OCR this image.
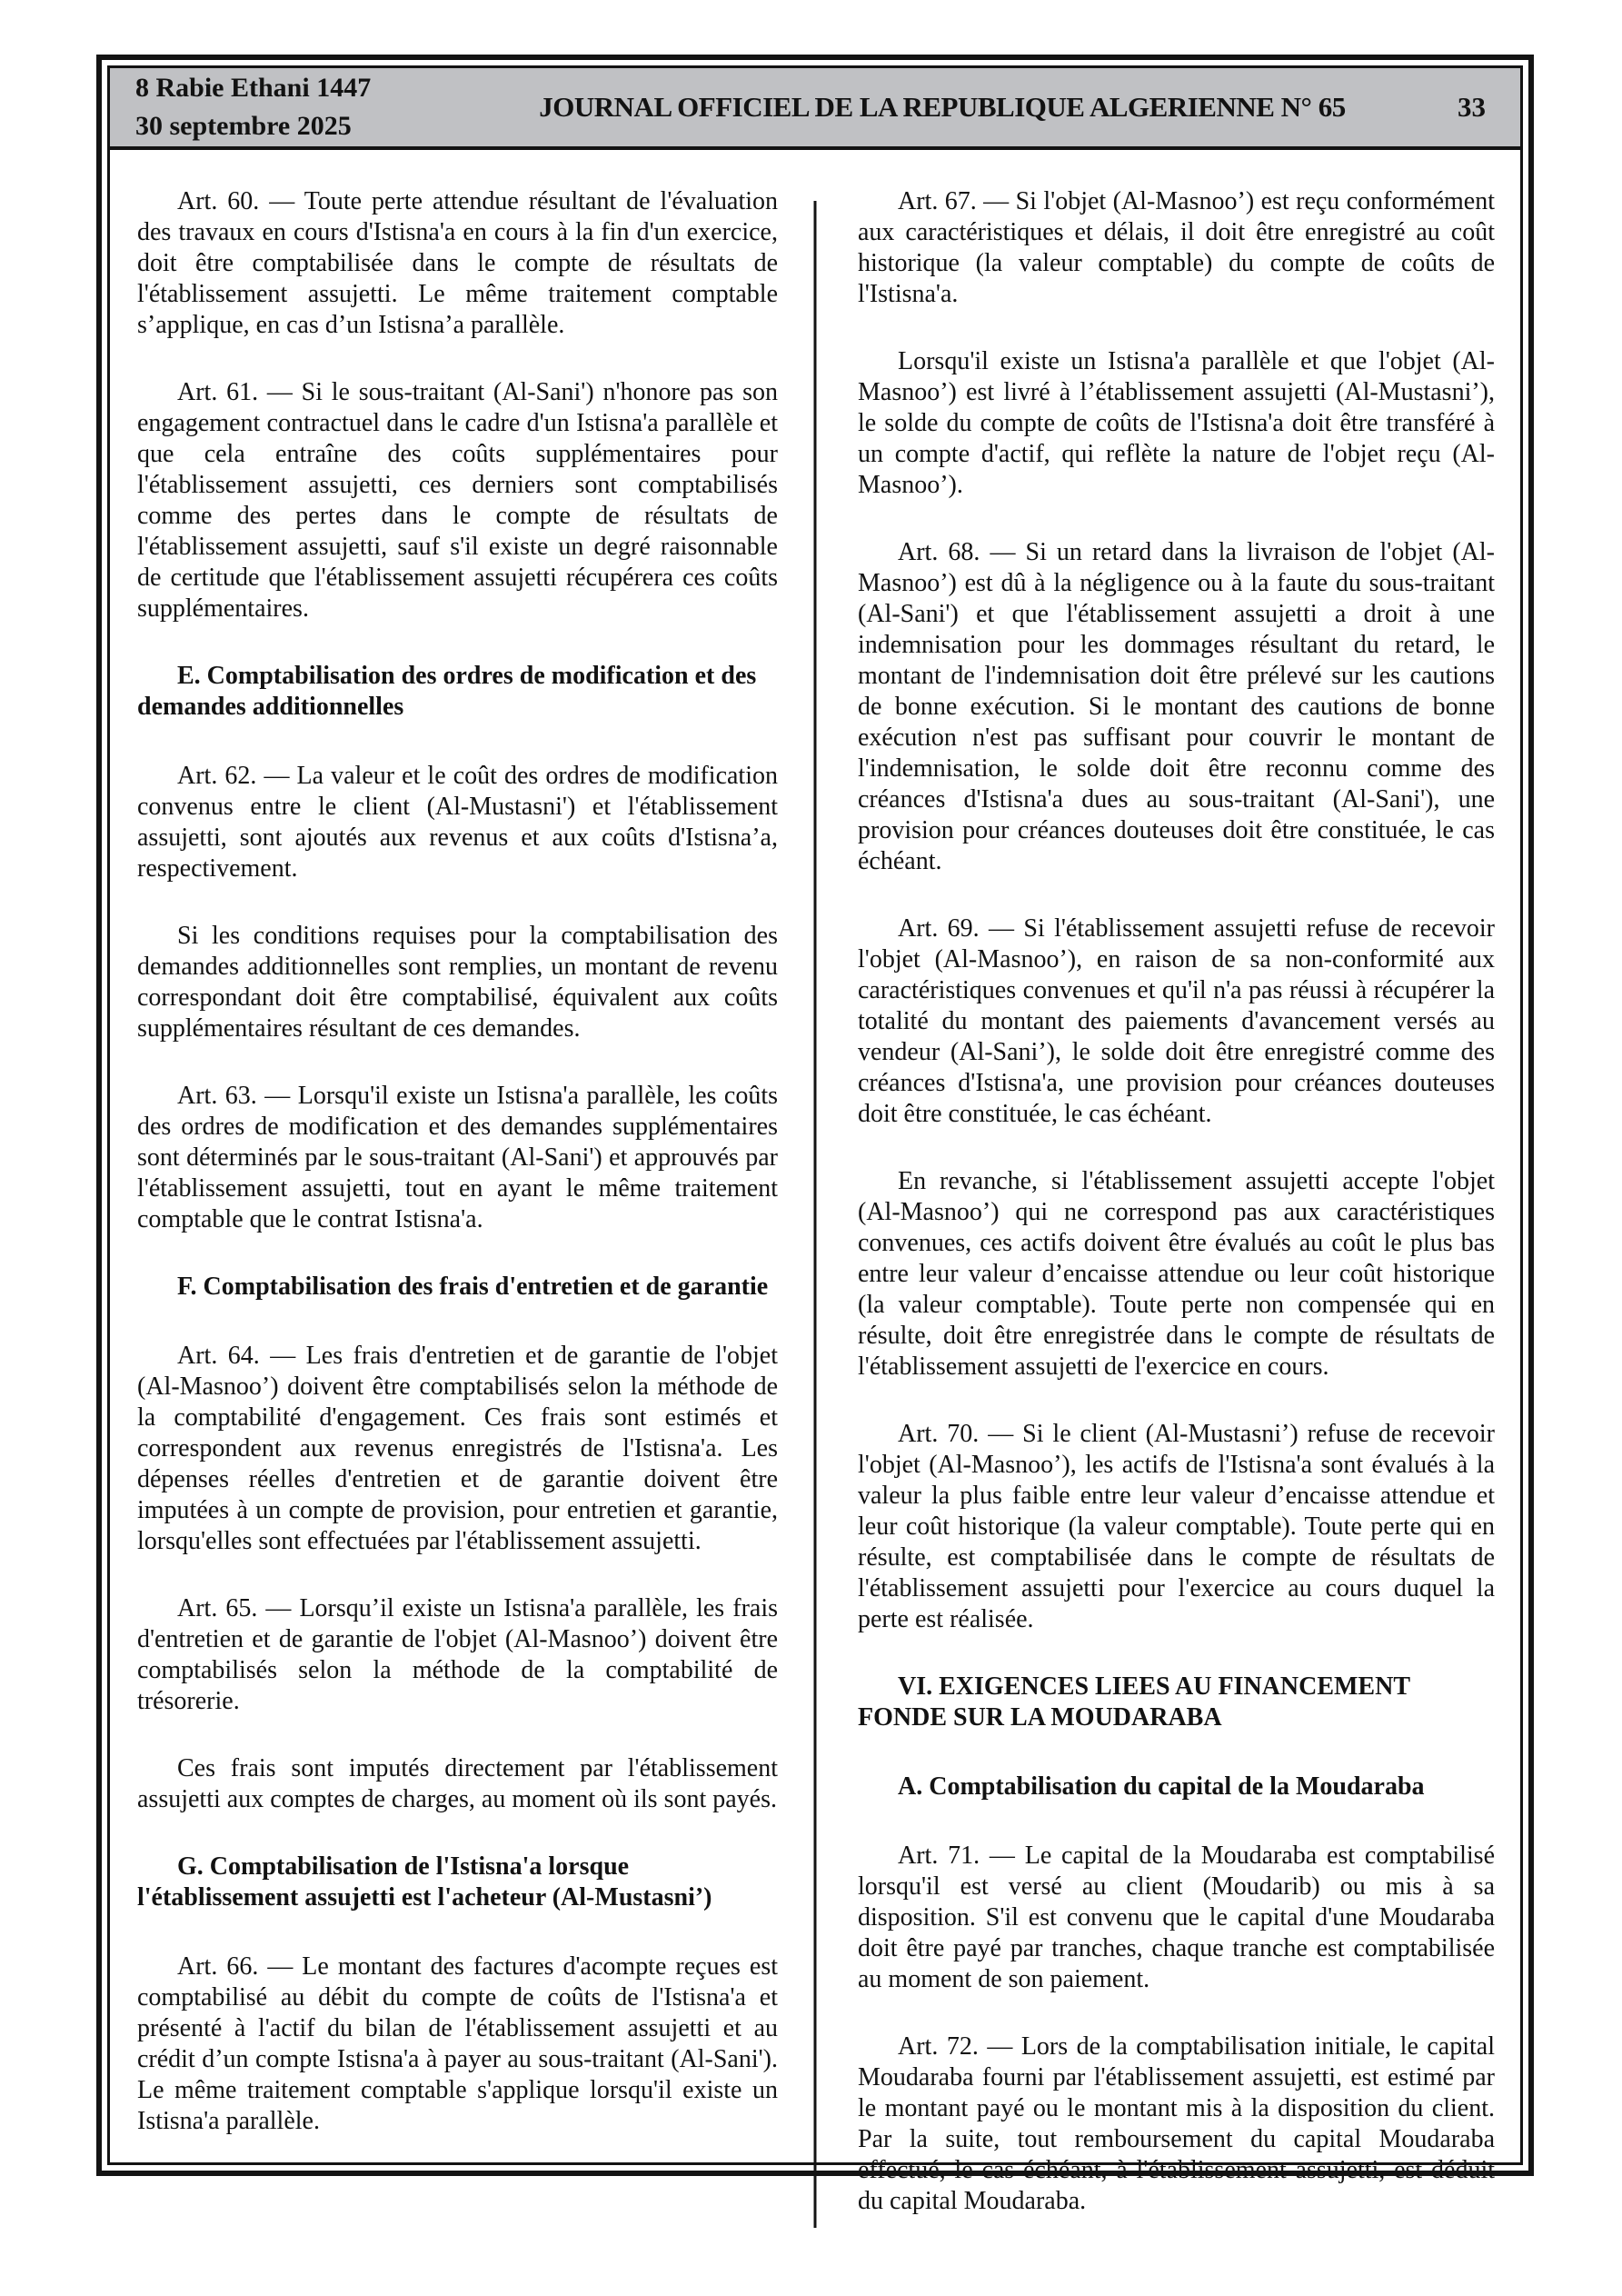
8 Rabie Ethani 1447
30 septembre 2025
JOURNAL OFFICIEL DE LA REPUBLIQUE ALGERIENNE N° 65	33

Art. 60. — Toute perte attendue résultant de l'évaluation des travaux en cours d'Istisna'a en cours à la fin d'un exercice, doit être comptabilisée dans le compte de résultats de l'établissement assujetti. Le même traitement comptable s’applique, en cas d’un Istisna’a parallèle.

Art. 61. — Si le sous-traitant (Al-Sani') n'honore pas son engagement contractuel dans le cadre d'un Istisna'a parallèle et que cela entraîne des coûts supplémentaires pour l'établissement assujetti, ces derniers sont comptabilisés comme des pertes dans le compte de résultats de l'établissement assujetti, sauf s'il existe un degré raisonnable de certitude que l'établissement assujetti récupérera ces coûts supplémentaires.

E. Comptabilisation des ordres de modification et des demandes additionnelles

Art. 62. — La valeur et le coût des ordres de modification convenus entre le client (Al-Mustasni') et l'établissement assujetti, sont ajoutés aux revenus et aux coûts d'Istisna’a, respectivement.

Si les conditions requises pour la comptabilisation des demandes additionnelles sont remplies, un montant de revenu correspondant doit être comptabilisé, équivalent aux coûts supplémentaires résultant de ces demandes.

Art. 63. — Lorsqu'il existe un Istisna'a parallèle, les coûts des ordres de modification et des demandes supplémentaires sont déterminés par le sous-traitant (Al-Sani') et approuvés par l'établissement assujetti, tout en ayant le même traitement comptable que le contrat Istisna'a.

F. Comptabilisation des frais d'entretien et de garantie

Art. 64. — Les frais d'entretien et de garantie de l'objet (Al-Masnoo’) doivent être comptabilisés selon la méthode de la comptabilité d'engagement. Ces frais sont estimés et correspondent aux revenus enregistrés de l'Istisna'a. Les dépenses réelles d'entretien et de garantie doivent être imputées à un compte de provision, pour entretien et garantie, lorsqu'elles sont effectuées par l'établissement assujetti.

Art. 65. — Lorsqu’il existe un Istisna'a parallèle, les frais d'entretien et de garantie de l'objet (Al-Masnoo’) doivent être comptabilisés selon la méthode de la comptabilité de trésorerie.

Ces frais sont imputés directement par l'établissement assujetti aux comptes de charges, au moment où ils sont payés.

G. Comptabilisation de l'Istisna'a lorsque l'établissement assujetti est l'acheteur (Al-Mustasni’)

Art. 66. — Le montant des factures d'acompte reçues est comptabilisé au débit du compte de coûts de l'Istisna'a et présenté à l'actif du bilan de l'établissement assujetti et au crédit d’un compte Istisna'a à payer au sous-traitant (Al-Sani'). Le même traitement comptable s'applique lorsqu'il existe un Istisna'a parallèle.

Art. 67. — Si l'objet (Al-Masnoo’) est reçu conformément aux caractéristiques et délais, il doit être enregistré au coût historique (la valeur comptable) du compte de coûts de l'Istisna'a.

Lorsqu'il existe un Istisna'a parallèle et que l'objet (Al-Masnoo’) est livré à l’établissement assujetti (Al-Mustasni’), le solde du compte de coûts de l'Istisna'a doit être transféré à un compte d'actif, qui reflète la nature de l'objet reçu (Al-Masnoo’).

Art. 68. — Si un retard dans la livraison de l'objet (Al-Masnoo’) est dû à la négligence ou à la faute du sous-traitant (Al-Sani') et que l'établissement assujetti a droit à une indemnisation pour les dommages résultant du retard, le montant de l'indemnisation doit être prélevé sur les cautions de bonne exécution. Si le montant des cautions de bonne exécution n'est pas suffisant pour couvrir le montant de l'indemnisation, le solde doit être reconnu comme des créances d'Istisna'a dues au sous-traitant (Al-Sani'), une provision pour créances douteuses doit être constituée, le cas échéant.

Art. 69. — Si l'établissement assujetti refuse de recevoir l'objet (Al-Masnoo’), en raison de sa non-conformité aux caractéristiques convenues et qu'il n'a pas réussi à récupérer la totalité du montant des paiements d'avancement versés au vendeur (Al-Sani’), le solde doit être enregistré comme des créances d'Istisna'a, une provision pour créances douteuses doit être constituée, le cas échéant.

En revanche, si l'établissement assujetti accepte l'objet (Al-Masnoo’) qui ne correspond pas aux caractéristiques convenues, ces actifs doivent être évalués au coût le plus bas entre leur valeur d’encaisse attendue ou leur coût historique (la valeur comptable). Toute perte non compensée qui en résulte, doit être enregistrée dans le compte de résultats de l'établissement assujetti de l'exercice en cours.

Art. 70. — Si le client (Al-Mustasni’) refuse de recevoir l'objet (Al-Masnoo’), les actifs de l'Istisna'a sont évalués à la valeur la plus faible entre leur valeur d’encaisse attendue et leur coût historique (la valeur comptable). Toute perte qui en résulte, est comptabilisée dans le compte de résultats de l'établissement assujetti pour l'exercice au cours duquel la perte est réalisée.

VI. EXIGENCES LIEES AU FINANCEMENT FONDE SUR LA MOUDARABA

A. Comptabilisation du capital de la Moudaraba

Art. 71. — Le capital de la Moudaraba est comptabilisé lorsqu'il est versé au client (Moudarib) ou mis à sa disposition. S'il est convenu que le capital d'une Moudaraba doit être payé par tranches, chaque tranche est comptabilisée au moment de son paiement.

Art. 72. — Lors de la comptabilisation initiale, le capital Moudaraba fourni par l'établissement assujetti, est estimé par le montant payé ou le montant mis à la disposition du client. Par la suite, tout remboursement du capital Moudaraba effectué, le cas échéant, à l'établissement assujetti, est déduit du capital Moudaraba.
